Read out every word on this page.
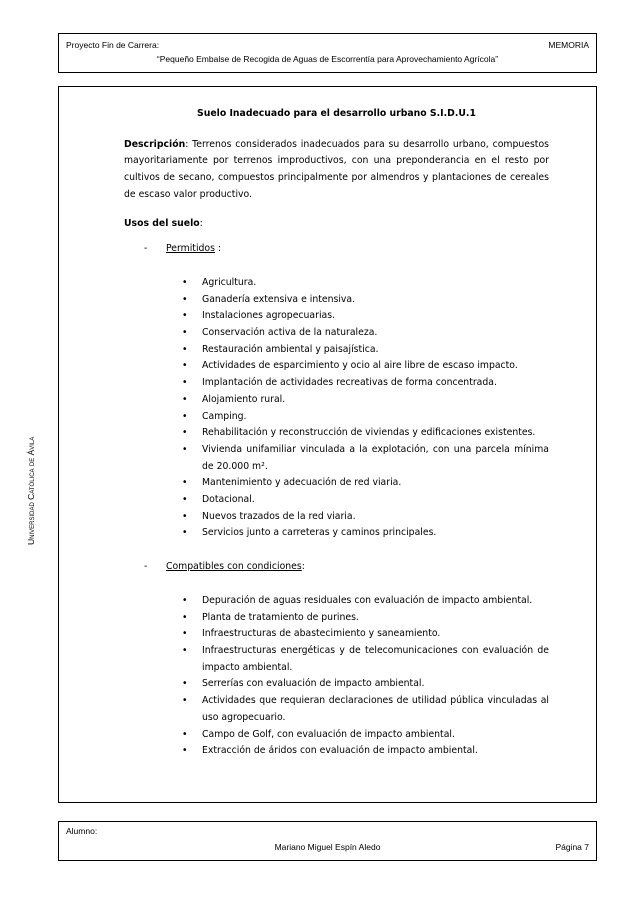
Proyecto Fin de Carrera:	MEMORIA
“Pequeño Embalse de Recogida de Aguas de Escorrentía para Aprovechamiento Agrícola”
Universidad Católica de Ávila
Suelo Inadecuado para el desarrollo urbano S.I.D.U.1
Descripción: Terrenos considerados inadecuados para su desarrollo urbano, compuestos mayoritariamente por terrenos improductivos, con una preponderancia en el resto por cultivos de secano, compuestos principalmente por almendros y plantaciones de cereales de escaso valor productivo.
Usos del suelo:
- Permitidos :
• Agricultura.
• Ganadería extensiva e intensiva.
• Instalaciones agropecuarias.
• Conservación activa de la naturaleza.
• Restauración ambiental y paisajística.
• Actividades de esparcimiento y ocio al aire libre de escaso impacto.
• Implantación de actividades recreativas de forma concentrada.
• Alojamiento rural.
• Camping.
• Rehabilitación y reconstrucción de viviendas y edificaciones existentes.
• Vivienda unifamiliar vinculada a la explotación, con una parcela mínima de 20.000 m².
• Mantenimiento y adecuación de red viaria.
• Dotacional.
• Nuevos trazados de la red viaria.
• Servicios junto a carreteras y caminos principales.
- Compatibles con condiciones:
• Depuración de aguas residuales con evaluación de impacto ambiental.
• Planta de tratamiento de purines.
• Infraestructuras de abastecimiento y saneamiento.
• Infraestructuras energéticas y de telecomunicaciones con evaluación de impacto ambiental.
• Serrerías con evaluación de impacto ambiental.
• Actividades que requieran declaraciones de utilidad pública vinculadas al uso agropecuario.
• Campo de Golf, con evaluación de impacto ambiental.
• Extracción de áridos con evaluación de impacto ambiental.
Alumno:
Mariano Miguel Espín Aledo	Página 7
